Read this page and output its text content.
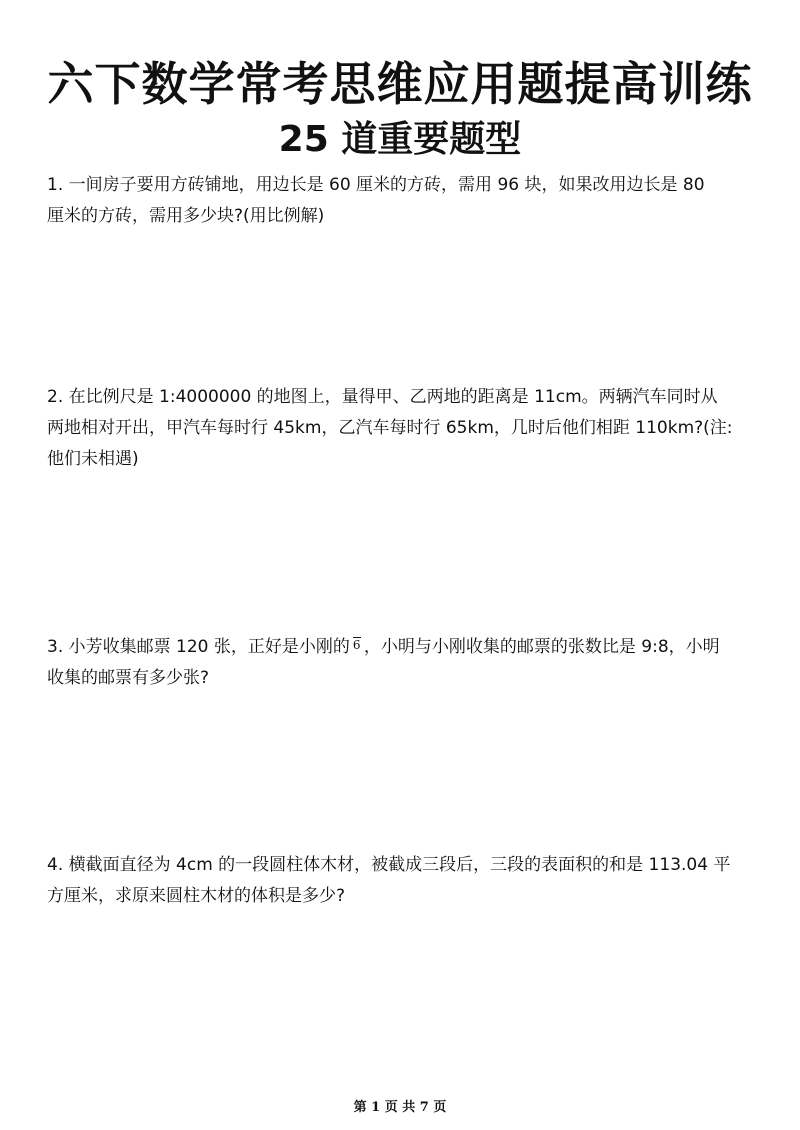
六下数学常考思维应用题提高训练
25 道重要题型
1. 一间房子要用方砖铺地，用边长是 60 厘米的方砖，需用 96 块，如果改用边长是 80
厘米的方砖，需用多少块?(用比例解)
2. 在比例尺是 1:4000000 的地图上，量得甲、乙两地的距离是 11cm。两辆汽车同时从
两地相对开出，甲汽车每时行 45km，乙汽车每时行 65km，几时后他们相距 110km?(注:
他们未相遇)
3. 小芳收集邮票 120 张，正好是小刚的 6 ，小明与小刚收集的邮票的张数比是 9:8，小明
收集的邮票有多少张?
4. 横截面直径为 4cm 的一段圆柱体木材，被截成三段后，三段的表面积的和是 113.04 平
方厘米，求原来圆柱木材的体积是多少?
第 1 页 共 7 页
